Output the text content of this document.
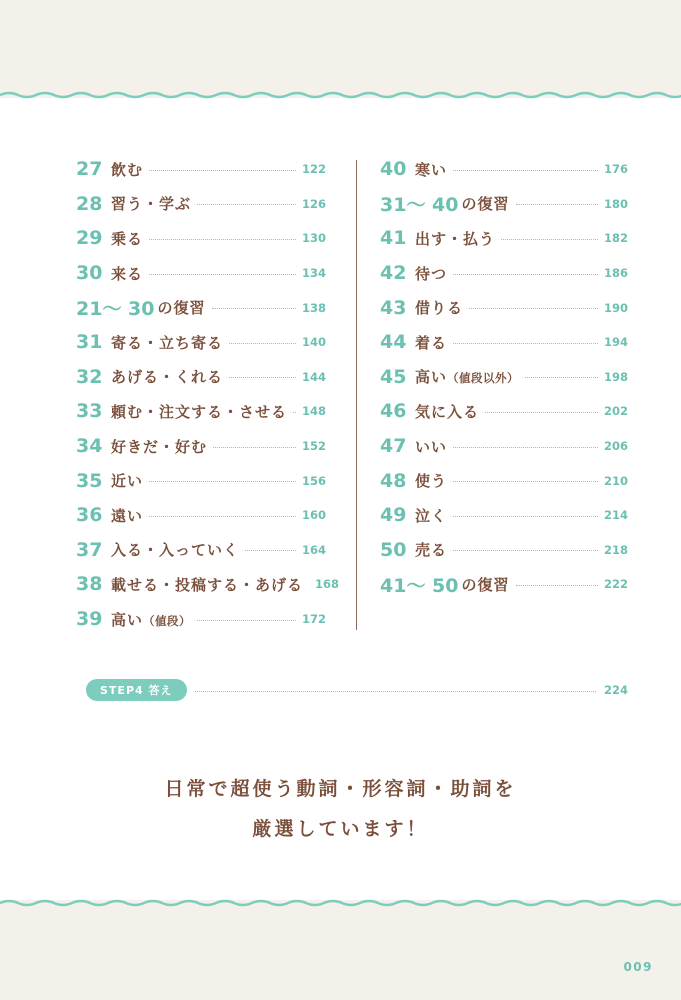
27 飲む	122
28 習う・学ぶ	126
29 乗る	130
30 来る	134
21～ 30 の復習	138
31 寄る・立ち寄る	140
32 あげる・くれる	144
33 頼む・注文する・させる 148
34 好きだ・好む	152
35 近い	156
36 遠い	160
37 入る・入っていく	164
38 載せる・投稿する・あげる 168
39 高い（値段）	172
40 寒い	176
31～ 40 の復習	180
41 出す・払う	182
42 待つ	186
43 借りる	190
44 着る	194
45 高い（値段以外）	198
46 気に入る	202
47 いい	206
48 使う	210
49 泣く	214
50 売る	218
41～ 50 の復習	222
STEP4 答え	224
日常で超使う動詞・形容詞・助詞を
厳選しています！
009
